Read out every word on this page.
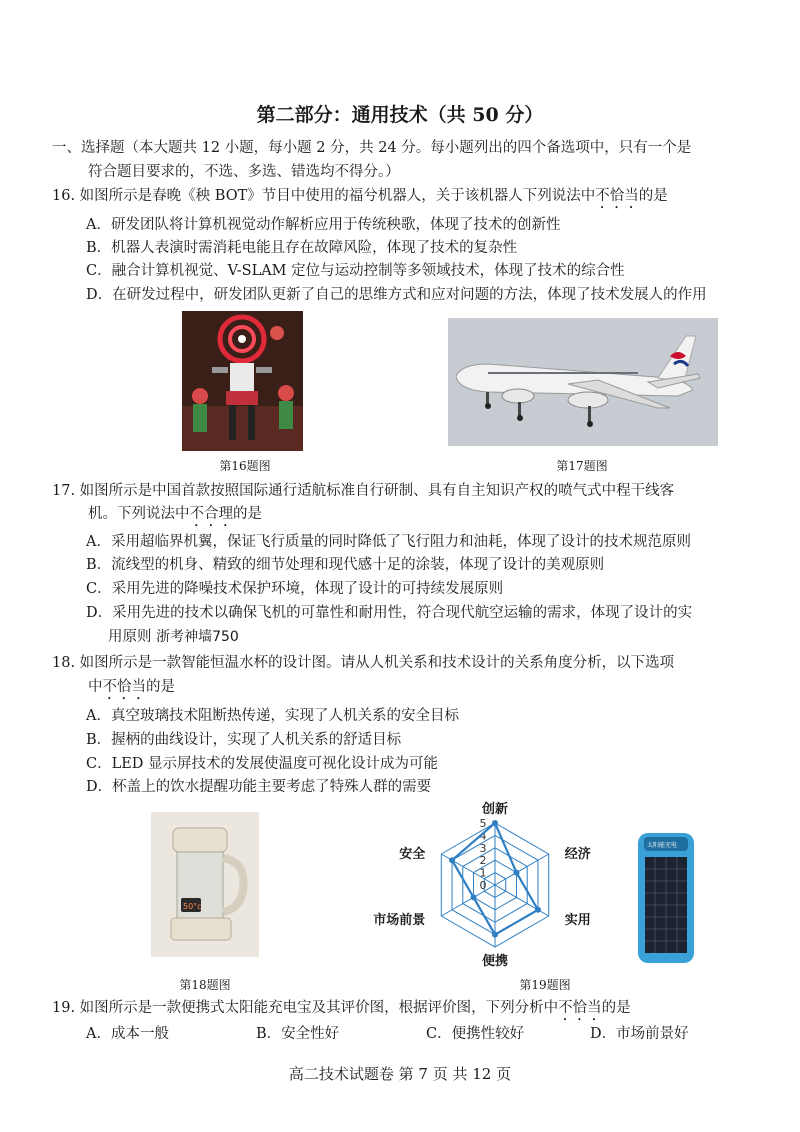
第二部分：通用技术（共 50 分）
一、选择题（本大题共 12 小题，每小题 2 分，共 24 分。每小题列出的四个备选项中，只有一个是
符合题目要求的，不选、多选、错选均不得分。）
16. 如图所示是春晚《秧 BOT》节目中使用的福兮机器人，关于该机器人下列说法中不恰当的是
A．研发团队将计算机视觉动作解析应用于传统秧歌，体现了技术的创新性
B．机器人表演时需消耗电能且存在故障风险，体现了技术的复杂性
C．融合计算机视觉、V-SLAM 定位与运动控制等多领域技术，体现了技术的综合性
D．在研发过程中，研发团队更新了自己的思维方式和应对问题的方法，体现了技术发展人的作用
第16题图	第17题图
17. 如图所示是中国首款按照国际通行适航标准自行研制、具有自主知识产权的喷气式中程干线客
机。下列说法中不合理的是
A．采用超临界机翼，保证飞行质量的同时降低了飞行阻力和油耗，体现了设计的技术规范原则
B．流线型的机身、精致的细节处理和现代感十足的涂装，体现了设计的美观原则
C．采用先进的降噪技术保护环境，体现了设计的可持续发展原则
D．采用先进的技术以确保飞机的可靠性和耐用性，符合现代航空运输的需求，体现了设计的实
用原则 浙考神墙750
18. 如图所示是一款智能恒温水杯的设计图。请从人机关系和技术设计的关系角度分析，以下选项
中不恰当的是
A．真空玻璃技术阻断热传递，实现了人机关系的安全目标
B．握柄的曲线设计，实现了人机关系的舒适目标
C．LED 显示屏技术的发展使温度可视化设计成为可能
D．杯盖上的饮水提醒功能主要考虑了特殊人群的需要
50°c
第18题图
0
1
2
3
4
5
创新
经济
实用
便携
市场前景
安全
第19题图
太阳能充电
19. 如图所示是一款便携式太阳能充电宝及其评价图，根据评价图，下列分析中不恰当的是
A．成本一般	B．安全性好	C．便携性较好	D．市场前景好
高二技术试题卷 第 7 页 共 12 页
